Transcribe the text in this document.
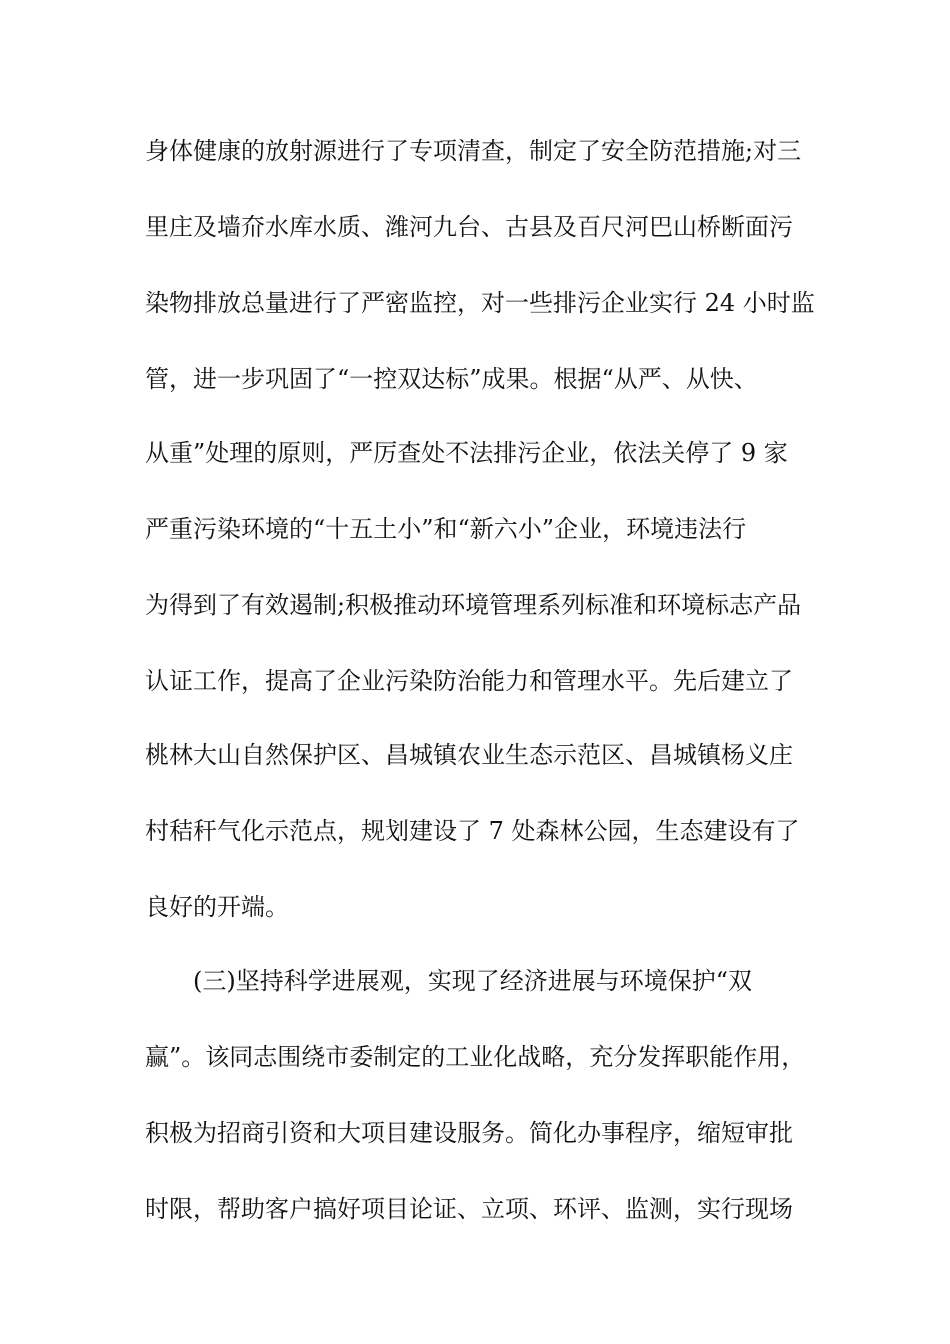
身体健康的放射源进行了专项清查，制定了安全防范措施;对三
里庄及墙夼水库水质、潍河九台、古县及百尺河巴山桥断面污
染物排放总量进行了严密监控，对一些排污企业实行 24 小时监
管，进一步巩固了“一控双达标”成果。根据“从严、从快、
从重”处理的原则，严厉查处不法排污企业，依法关停了 9 家
严重污染环境的“十五土小”和“新六小”企业，环境违法行
为得到了有效遏制;积极推动环境管理系列标准和环境标志产品
认证工作，提高了企业污染防治能力和管理水平。先后建立了
桃林大山自然保护区、昌城镇农业生态示范区、昌城镇杨义庄
村秸秆气化示范点，规划建设了 7 处森林公园，生态建设有了
良好的开端。
(三)坚持科学进展观，实现了经济进展与环境保护“双
赢”。该同志围绕市委制定的工业化战略，充分发挥职能作用，
积极为招商引资和大项目建设服务。简化办事程序，缩短审批
时限，帮助客户搞好项目论证、立项、环评、监测，实行现场
